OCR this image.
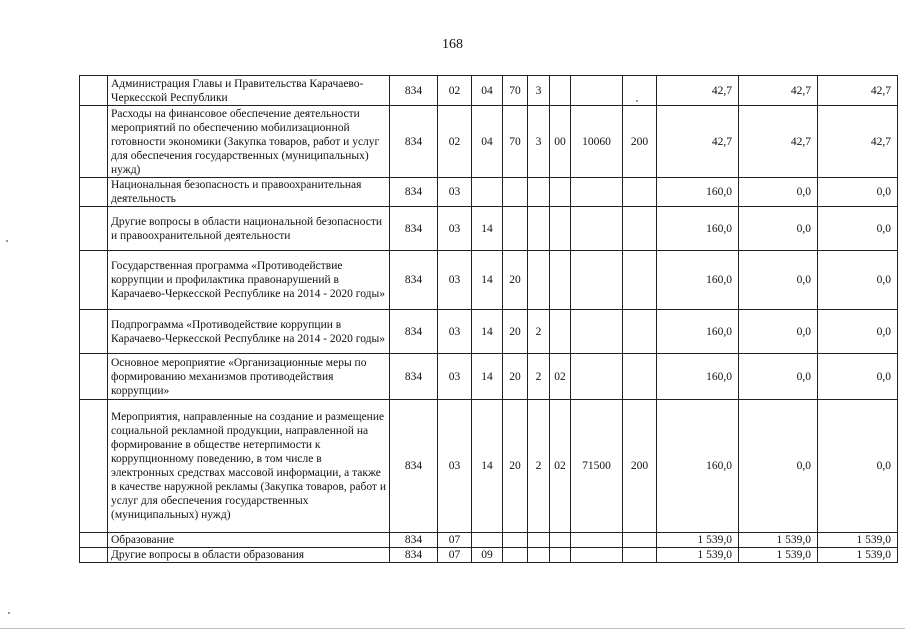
168
	Администрация Главы и Правительства Карачаево-Черкесской Республики	834	02	04	70	3				42,7	42,7	42,7
	Расходы на финансовое обеспечение деятельности мероприятий по обеспечению мобилизационной готовности экономики (Закупка товаров, работ и услуг для обеспечения государственных (муниципальных) нужд)	834	02	04	70	3	00	10060	200	42,7	42,7	42,7
	Национальная безопасность и правоохранительная деятельность	834	03							160,0	0,0	0,0
	Другие вопросы в области национальной безопасности и правоохранительной деятельности	834	03	14						160,0	0,0	0,0
	Государственная программа «Противодействие коррупции и профилактика правонарушений в Карачаево-Черкесской Республике на 2014 - 2020 годы»	834	03	14	20					160,0	0,0	0,0
	Подпрограмма «Противодействие коррупции в Карачаево-Черкесской Республике на 2014 - 2020 годы»	834	03	14	20	2				160,0	0,0	0,0
	Основное мероприятие «Организационные меры по формированию механизмов противодействия коррупции»	834	03	14	20	2	02			160,0	0,0	0,0
	Мероприятия, направленные на создание и размещение социальной рекламной продукции, направленной на формирование в обществе нетерпимости к коррупционному поведению, в том числе в электронных средствах массовой информации, а также в качестве наружной рекламы (Закупка товаров, работ и услуг для обеспечения государственных (муниципальных) нужд)	834	03	14	20	2	02	71500	200	160,0	0,0	0,0
	Образование	834	07							1 539,0	1 539,0	1 539,0
	Другие вопросы в области образования	834	07	09						1 539,0	1 539,0	1 539,0
